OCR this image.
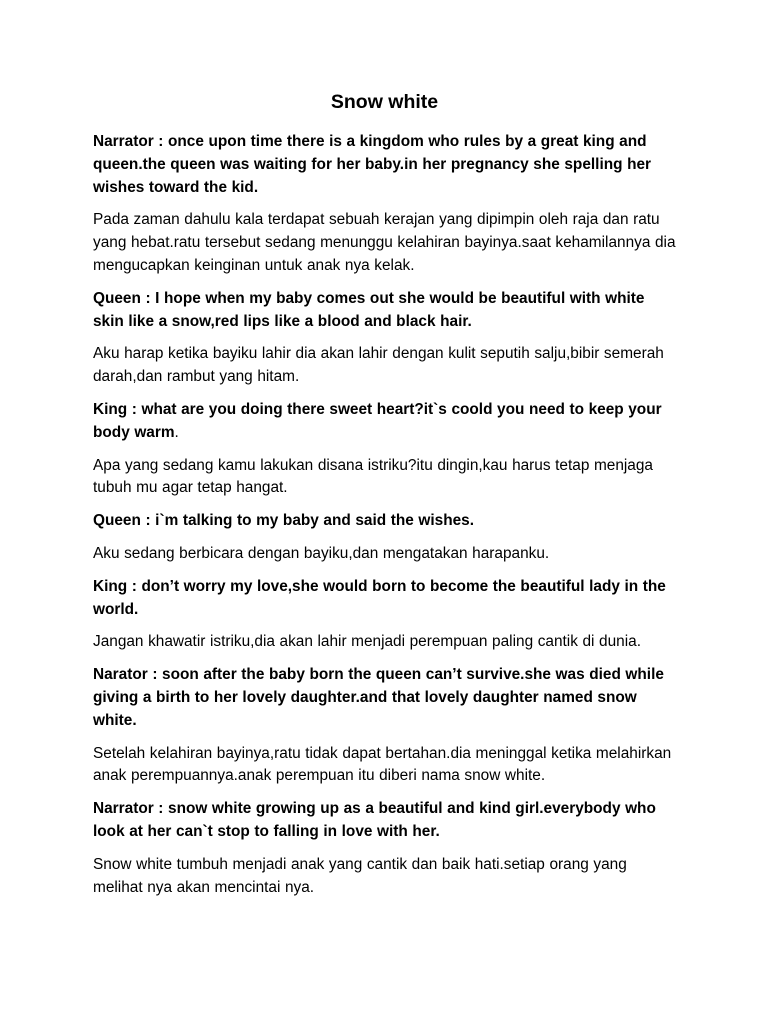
Snow white

Narrator : once upon time there is a kingdom who rules by a great king and queen.the queen was waiting for her baby.in her pregnancy she spelling her wishes toward the kid.

Pada zaman dahulu kala terdapat sebuah kerajan yang dipimpin oleh raja dan ratu yang hebat.ratu tersebut sedang menunggu kelahiran bayinya.saat kehamilannya dia mengucapkan keinginan untuk anak nya kelak.

Queen : I hope when my baby comes out she would be beautiful with white skin like a snow,red lips like a blood and black hair.

Aku harap ketika bayiku lahir dia akan lahir dengan kulit seputih salju,bibir semerah darah,dan rambut yang hitam.

King : what are you doing there sweet heart?it`s coold you need to keep your body warm.

Apa yang sedang kamu lakukan disana istriku?itu dingin,kau harus tetap menjaga tubuh mu agar tetap hangat.

Queen : i`m talking to my baby and said the wishes.

Aku sedang berbicara dengan bayiku,dan mengatakan harapanku.

King : don’t worry my love,she would born to become the beautiful lady in the world.

Jangan khawatir istriku,dia akan lahir menjadi perempuan paling cantik di dunia.

Narator : soon after the baby born the queen can’t survive.she was died while giving a birth to her lovely daughter.and that lovely daughter named snow white.

Setelah kelahiran bayinya,ratu tidak dapat bertahan.dia meninggal ketika melahirkan anak perempuannya.anak perempuan itu diberi nama snow white.

Narrator : snow white growing up as a beautiful and kind girl.everybody who look at her can`t stop to falling in love with her.

Snow white tumbuh menjadi anak yang cantik dan baik hati.setiap orang yang melihat nya akan mencintai nya.
